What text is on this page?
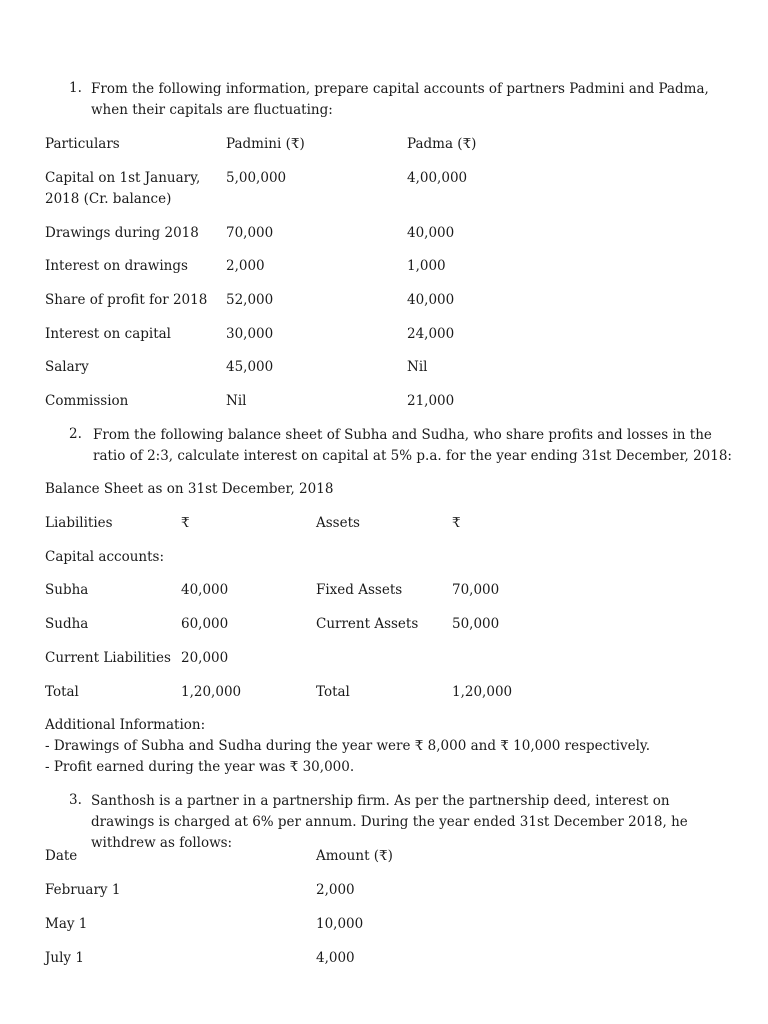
1. From the following information, prepare capital accounts of partners Padmini and Padma, when their capitals are fluctuating:
Particulars	Padmini (₹)	Padma (₹)
Capital on 1st January, 2018 (Cr. balance)
5,00,000	4,00,000
Drawings during 2018 70,000	40,000
Interest on drawings	2,000	1,000
Share of profit for 2018 52,000	40,000
Interest on capital	30,000	24,000
Salary	45,000	Nil
Commission	Nil	21,000
2. From the following balance sheet of Subha and Sudha, who share profits and losses in the ratio of 2:3, calculate interest on capital at 5% p.a. for the year ending 31st December, 2018:
Balance Sheet as on 31st December, 2018
Liabilities	₹	Assets	₹
Capital accounts:
Subha	40,000	Fixed Assets	70,000
Sudha	60,000	Current Assets 50,000
Current Liabilities 20,000
Total	1,20,000	Total	1,20,000
Additional Information:
- Drawings of Subha and Sudha during the year were ₹ 8,000 and ₹ 10,000 respectively.
- Profit earned during the year was ₹ 30,000.
3. Santhosh is a partner in a partnership firm. As per the partnership deed, interest on drawings is charged at 6% per annum. During the year ended 31st December 2018, he withdrew as follows:
Date	Amount (₹)
February 1	2,000
May 1	10,000
July 1	4,000
